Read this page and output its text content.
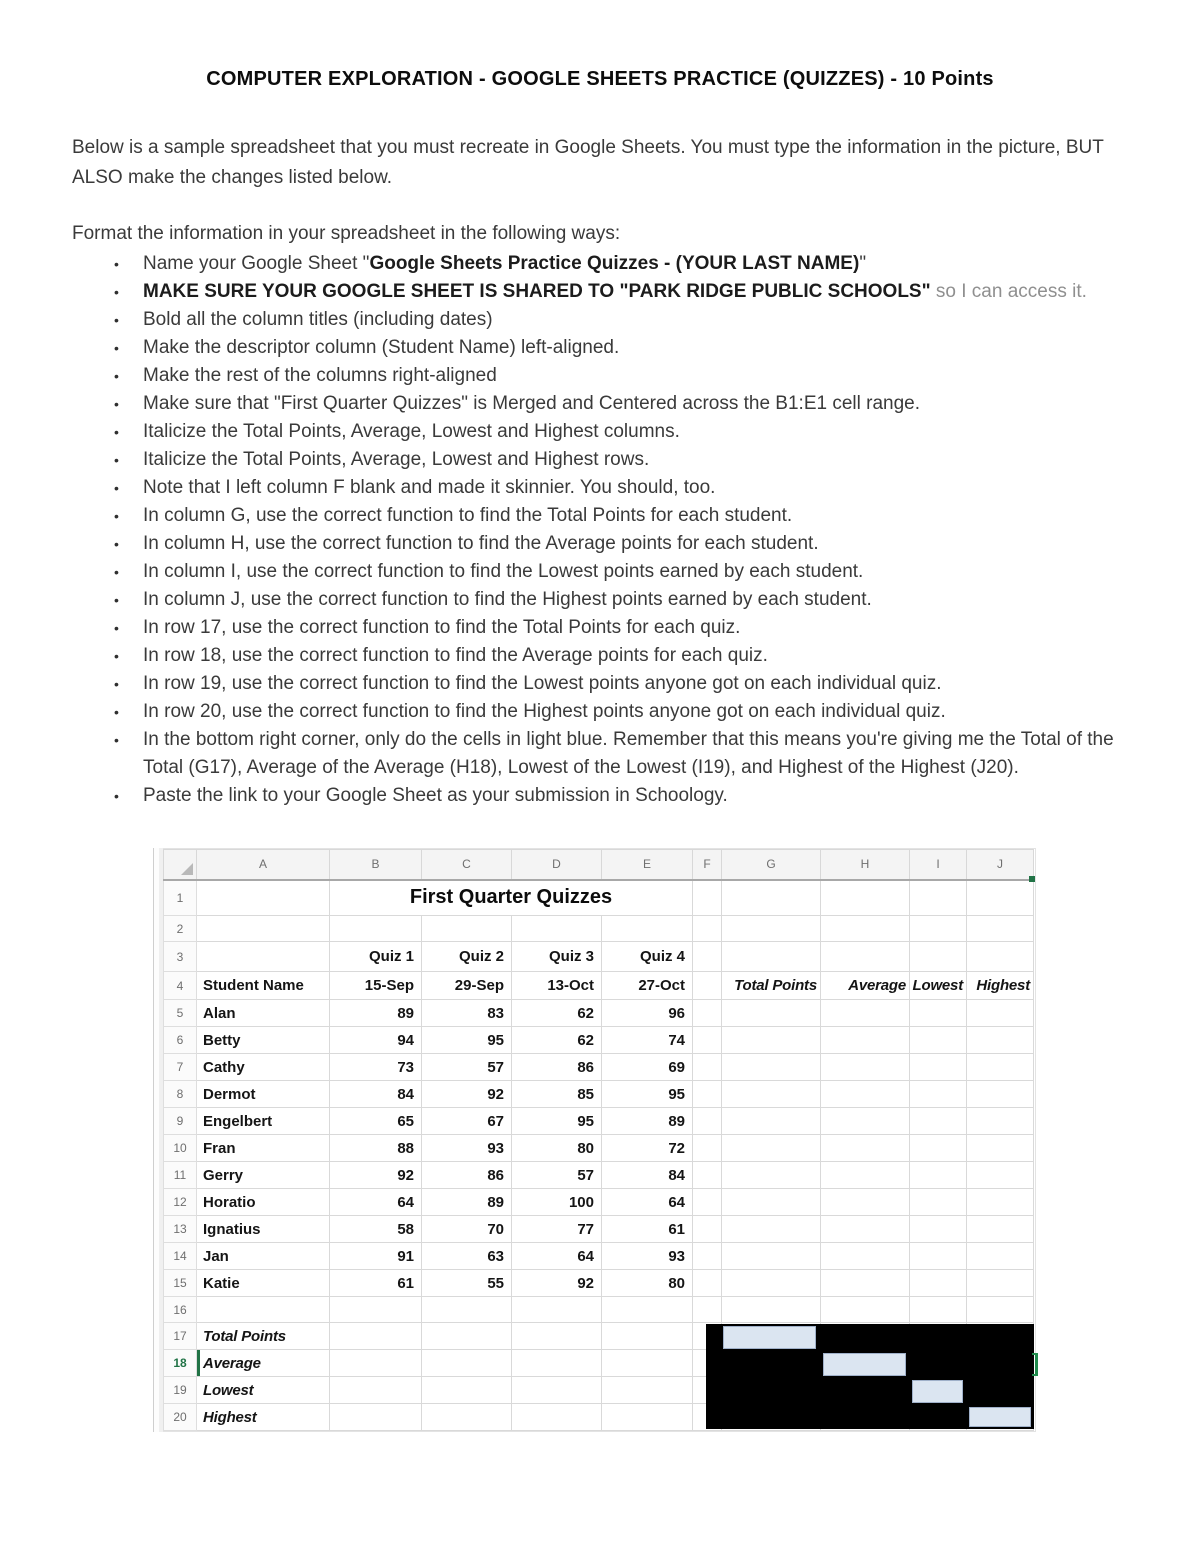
COMPUTER EXPLORATION - GOOGLE SHEETS PRACTICE (QUIZZES) - 10 Points

Below is a sample spreadsheet that you must recreate in Google Sheets. You must type the information in the picture, BUT ALSO make the changes listed below.

Format the information in your spreadsheet in the following ways:

• Name your Google Sheet "Google Sheets Practice Quizzes - (YOUR LAST NAME)"
• MAKE SURE YOUR GOOGLE SHEET IS SHARED TO "PARK RIDGE PUBLIC SCHOOLS" so I can access it.
• Bold all the column titles (including dates)
• Make the descriptor column (Student Name) left-aligned.
• Make the rest of the columns right-aligned
• Make sure that "First Quarter Quizzes" is Merged and Centered across the B1:E1 cell range.
• Italicize the Total Points, Average, Lowest and Highest columns.
• Italicize the Total Points, Average, Lowest and Highest rows.
• Note that I left column F blank and made it skinnier. You should, too.
• In column G, use the correct function to find the Total Points for each student.
• In column H, use the correct function to find the Average points for each student.
• In column I, use the correct function to find the Lowest points earned by each student.
• In column J, use the correct function to find the Highest points earned by each student.
• In row 17, use the correct function to find the Total Points for each quiz.
• In row 18, use the correct function to find the Average points for each quiz.
• In row 19, use the correct function to find the Lowest points anyone got on each individual quiz.
• In row 20, use the correct function to find the Highest points anyone got on each individual quiz.
• In the bottom right corner, only do the cells in light blue. Remember that this means you're giving me the Total of the Total (G17), Average of the Average (H18), Lowest of the Lowest (I19), and Highest of the Highest (J20).
• Paste the link to your Google Sheet as your submission in Schoology.
	A	B	C	D	E	F	G	H	I	J

1		First Quarter Quizzes								
2										
3		Quiz 1	Quiz 2	Quiz 3	Quiz 4					
4	Student Name	15-Sep	29-Sep	13-Oct	27-Oct		Total Points	Average	Lowest	Highest
5	Alan	89	83	62	96					
6	Betty	94	95	62	74					
7	Cathy	73	57	86	69					
8	Dermot	84	92	85	95					
9	Engelbert	65	67	95	89					
10	Fran	88	93	80	72					
11	Gerry	92	86	57	84					
12	Horatio	64	89	100	64					
13	Ignatius	58	70	77	61					
14	Jan	91	63	64	93					
15	Katie	61	55	92	80					
16										
17	Total Points									
18	Average									
19	Lowest									
20	Highest									
